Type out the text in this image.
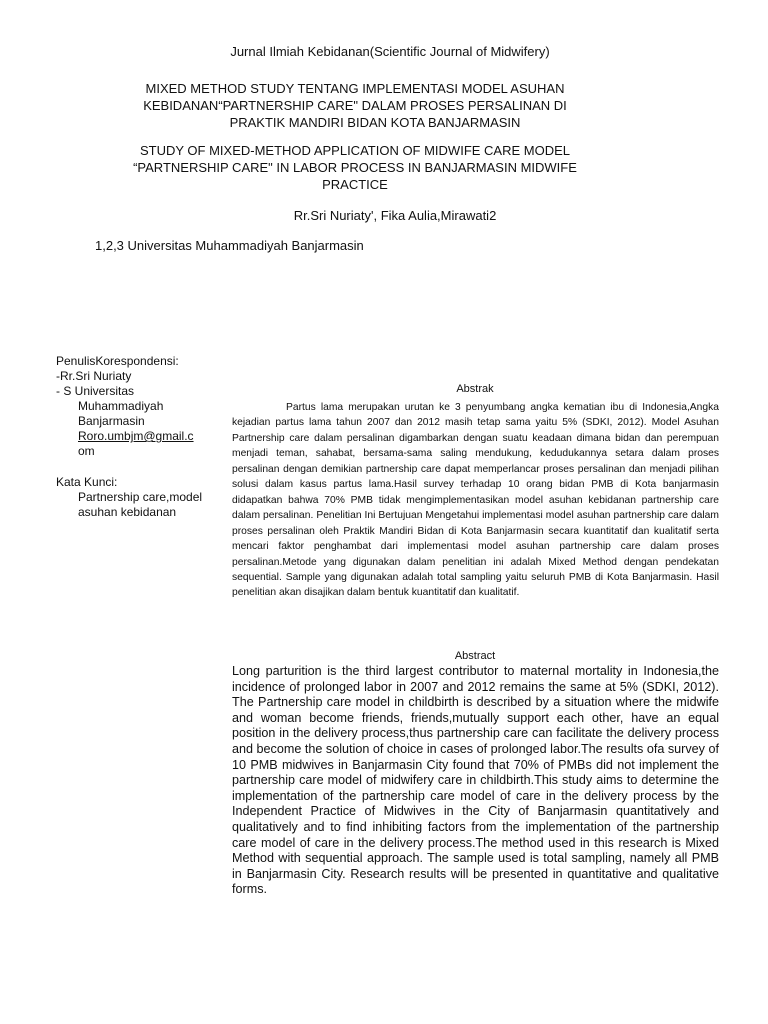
Jurnal Ilmiah Kebidanan(Scientific Journal of Midwifery)
MIXED METHOD STUDY TENTANG IMPLEMENTASI MODEL ASUHAN
KEBIDANAN“PARTNERSHIP CARE" DALAM PROSES PERSALINAN DI
PRAKTIK MANDIRI BIDAN KOTA BANJARMASIN
STUDY OF MIXED-METHOD APPLICATION OF MIDWIFE CARE MODEL
“PARTNERSHIP CARE" IN LABOR PROCESS IN BANJARMASIN MIDWIFE
PRACTICE
Rr.Sri Nuriaty', Fika Aulia,Mirawati2
1,2,3 Universitas Muhammadiyah Banjarmasin
PenulisKorespondensi:
-Rr.Sri Nuriaty
- S Universitas
Muhammadiyah
Banjarmasin
Roro.umbjm@gmail.c
om
Kata Kunci:
Partnership care,model
asuhan kebidanan
Abstrak
Partus lama merupakan urutan ke 3 penyumbang angka kematian ibu di Indonesia,Angka kejadian partus lama tahun 2007 dan 2012 masih tetap sama yaitu 5% (SDKI, 2012). Model Asuhan Partnership care dalam persalinan digambarkan dengan suatu keadaan dimana bidan dan perempuan menjadi teman, sahabat, bersama-sama saling mendukung, kedudukannya setara dalam proses persalinan dengan demikian partnership care dapat memperlancar proses persalinan dan menjadi pilihan solusi dalam kasus partus lama.Hasil survey terhadap 10 orang bidan PMB di Kota banjarmasin didapatkan bahwa 70% PMB tidak mengimplementasikan model asuhan kebidanan partnership care dalam persalinan. Penelitian Ini Bertujuan Mengetahui implementasi model asuhan partnership care dalam proses persalinan oleh Praktik Mandiri Bidan di Kota Banjarmasin secara kuantitatif dan kualitatif serta mencari faktor penghambat dari implementasi model asuhan partnership care dalam proses persalinan.Metode yang digunakan dalam penelitian ini adalah Mixed Method dengan pendekatan sequential. Sample yang digunakan adalah total sampling yaitu seluruh PMB di Kota Banjarmasin. Hasil penelitian akan disajikan dalam bentuk kuantitatif dan kualitatif.
Abstract
Long parturition is the third largest contributor to maternal mortality in Indonesia,the incidence of prolonged labor in 2007 and 2012 remains the same at 5% (SDKI, 2012). The Partnership care model in childbirth is described by a situation where the midwife and woman become friends, friends,mutually support each other, have an equal position in the delivery process,thus partnership care can facilitate the delivery process and become the solution of choice in cases of prolonged labor.The results ofa survey of 10 PMB midwives in Banjarmasin City found that 70% of PMBs did not implement the partnership care model of midwifery care in childbirth.This study aims to determine the implementation of the partnership care model of care in the delivery process by the Independent Practice of Midwives in the City of Banjarmasin quantitatively and qualitatively and to find inhibiting factors from the implementation of the partnership care model of care in the delivery process.The method used in this research is Mixed Method with sequential approach. The sample used is total sampling, namely all PMB in Banjarmasin City. Research results will be presented in quantitative and qualitative forms.
